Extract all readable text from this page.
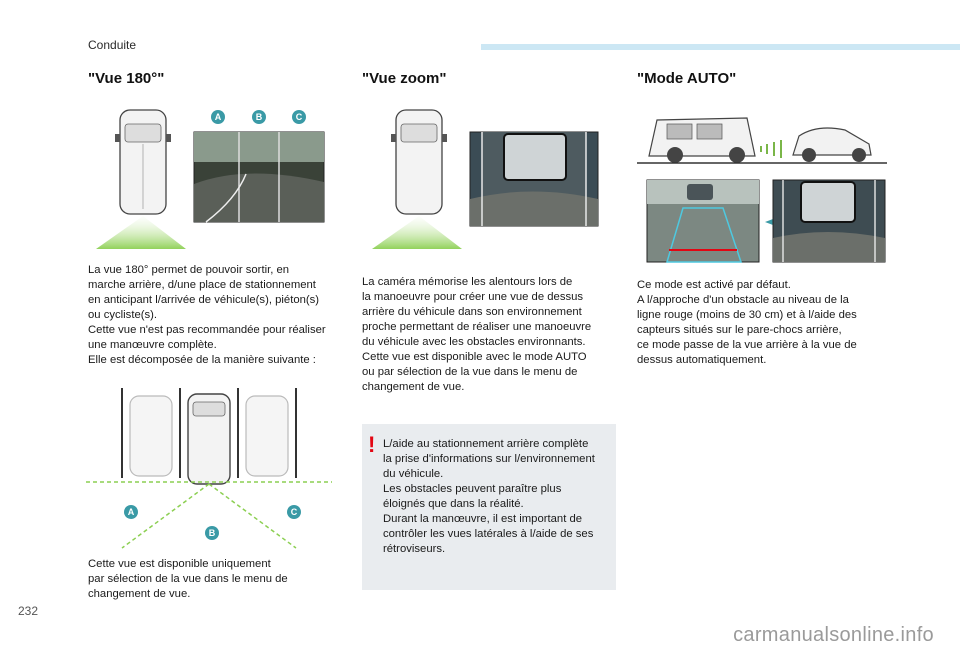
Conduite
"Vue 180°"	"Vue zoom"	"Mode AUTO"
A	B	C
La vue 180° permet de pouvoir sortir, en
marche arrière, d/une place de stationnement
en anticipant l/arrivée de véhicule(s), piéton(s)
ou cycliste(s).
Cette vue n'est pas recommandée pour réaliser
une manœuvre complète.
Elle est décomposée de la manière suivante :
A
B
C
Cette vue est disponible uniquement
par sélection de la vue dans le menu de
changement de vue.
La caméra mémorise les alentours lors de
la manoeuvre pour créer une vue de dessus
arrière du véhicule dans son environnement
proche permettant de réaliser une manoeuvre
du véhicule avec les obstacles environnants.
Cette vue est disponible avec le mode AUTO
ou par sélection de la vue dans le menu de
changement de vue.
! L/aide au stationnement arrière complète
la prise d'informations sur l/environnement
du véhicule.
Les obstacles peuvent paraître plus
éloignés que dans la réalité.
Durant la manœuvre, il est important de
contrôler les vues latérales à l/aide de ses
rétroviseurs.
Ce mode est activé par défaut.
A l/approche d'un obstacle au niveau de la
ligne rouge (moins de 30 cm) et à l/aide des
capteurs situés sur le pare-chocs arrière,
ce mode passe de la vue arrière à la vue de
dessus automatiquement.
232
carmanualsonline.info
